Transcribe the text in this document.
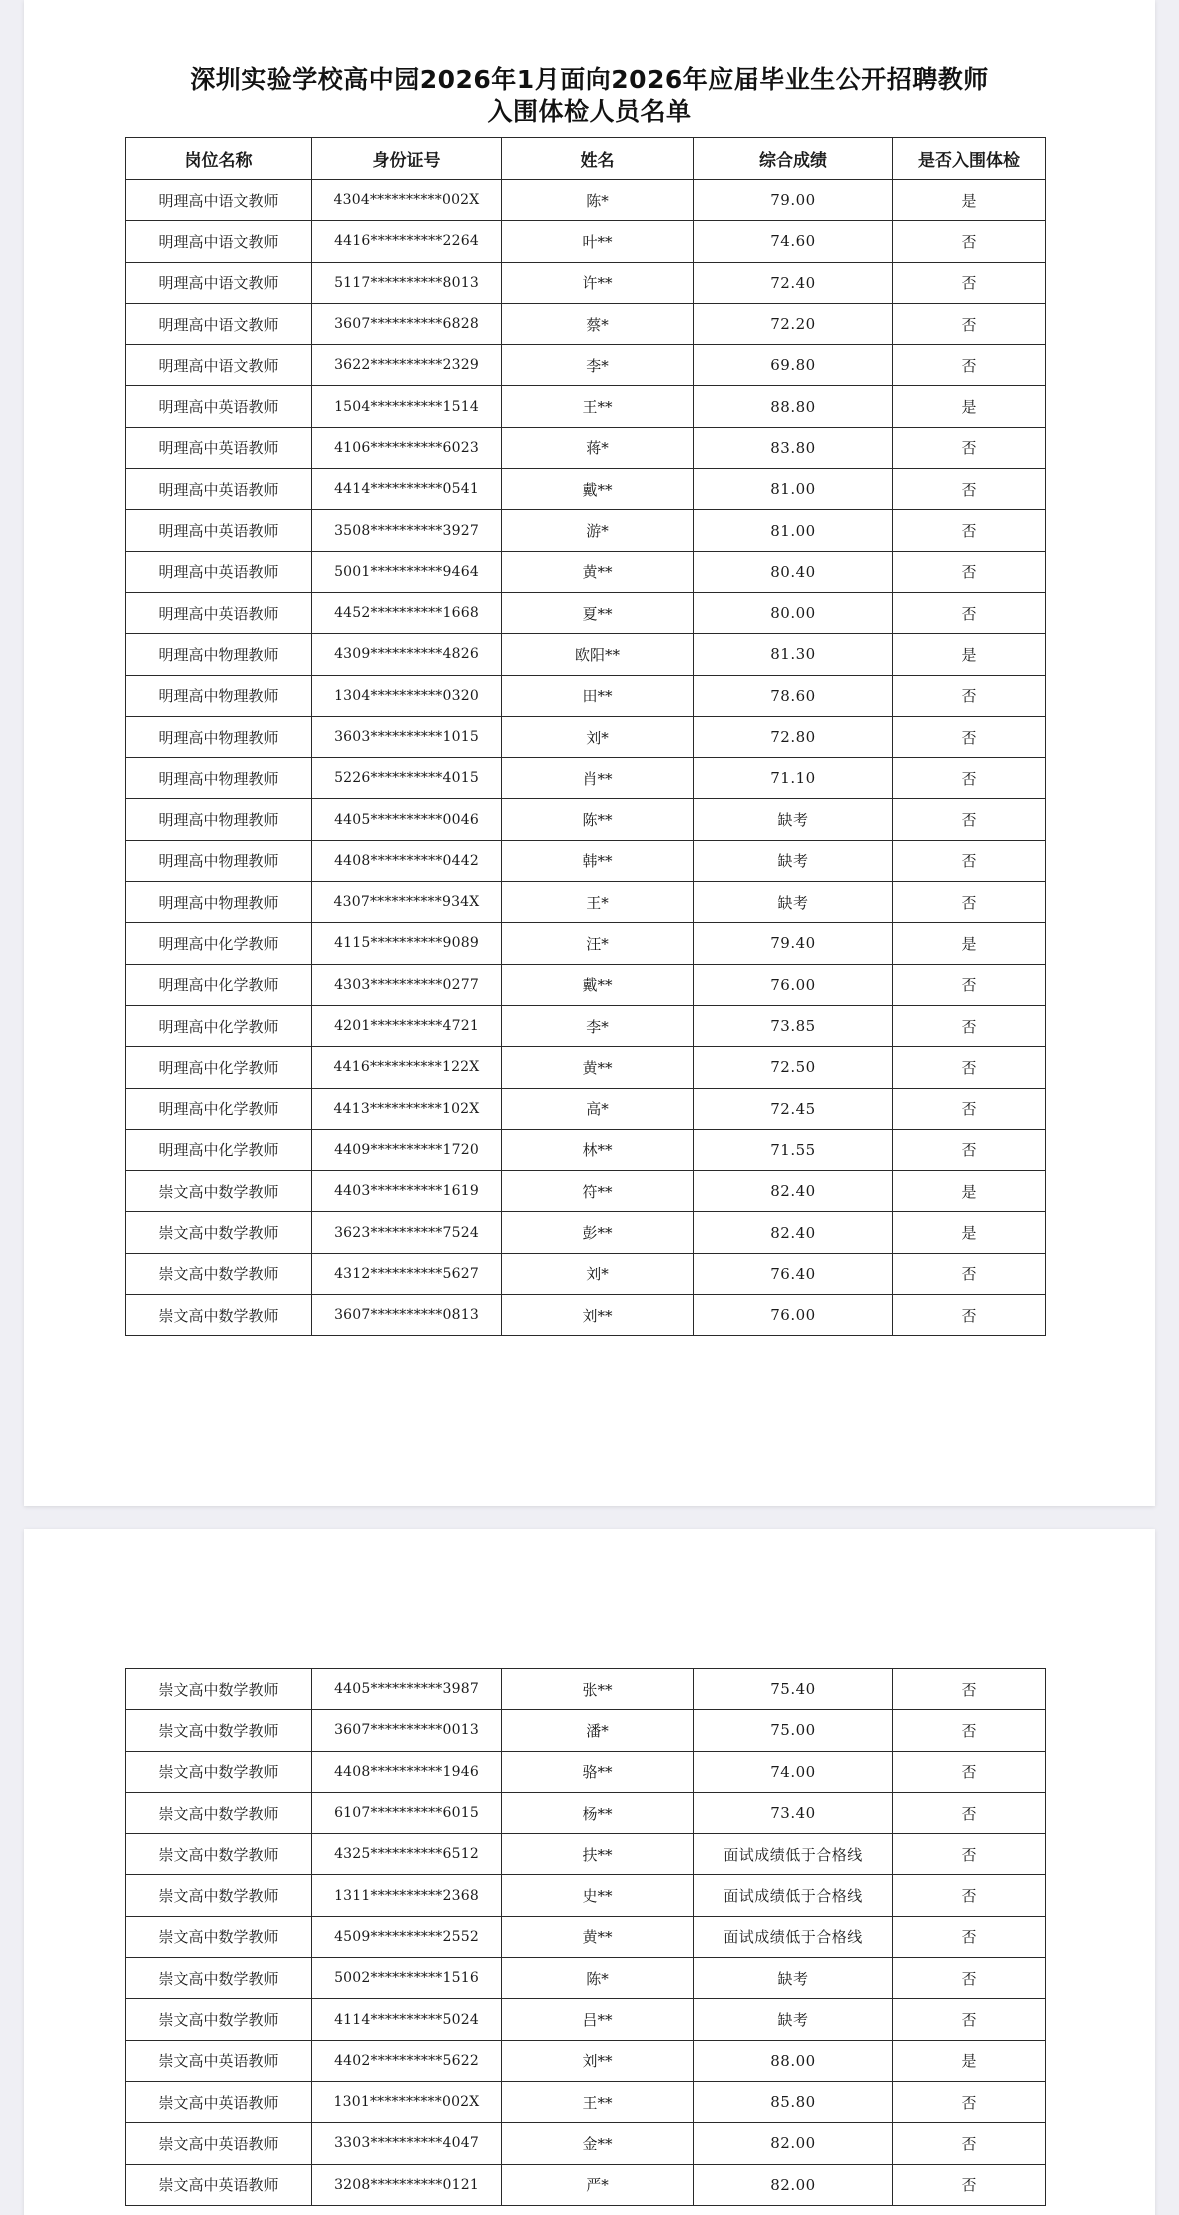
深圳实验学校高中园2026年1月面向2026年应届毕业生公开招聘教师
入围体检人员名单
岗位名称	身份证号	姓名	综合成绩	是否入围体检
明理高中语文教师	4304**********002X	陈*	79.00	是
明理高中语文教师	4416**********2264	叶**	74.60	否
明理高中语文教师	5117**********8013	许**	72.40	否
明理高中语文教师	3607**********6828	蔡*	72.20	否
明理高中语文教师	3622**********2329	李*	69.80	否
明理高中英语教师	1504**********1514	王**	88.80	是
明理高中英语教师	4106**********6023	蒋*	83.80	否
明理高中英语教师	4414**********0541	戴**	81.00	否
明理高中英语教师	3508**********3927	游*	81.00	否
明理高中英语教师	5001**********9464	黄**	80.40	否
明理高中英语教师	4452**********1668	夏**	80.00	否
明理高中物理教师	4309**********4826	欧阳**	81.30	是
明理高中物理教师	1304**********0320	田**	78.60	否
明理高中物理教师	3603**********1015	刘*	72.80	否
明理高中物理教师	5226**********4015	肖**	71.10	否
明理高中物理教师	4405**********0046	陈**	缺考	否
明理高中物理教师	4408**********0442	韩**	缺考	否
明理高中物理教师	4307**********934X	王*	缺考	否
明理高中化学教师	4115**********9089	汪*	79.40	是
明理高中化学教师	4303**********0277	戴**	76.00	否
明理高中化学教师	4201**********4721	李*	73.85	否
明理高中化学教师	4416**********122X	黄**	72.50	否
明理高中化学教师	4413**********102X	高*	72.45	否
明理高中化学教师	4409**********1720	林**	71.55	否
崇文高中数学教师	4403**********1619	符**	82.40	是
崇文高中数学教师	3623**********7524	彭**	82.40	是
崇文高中数学教师	4312**********5627	刘*	76.40	否
崇文高中数学教师	3607**********0813	刘**	76.00	否
崇文高中数学教师	4405**********3987	张**	75.40	否
崇文高中数学教师	3607**********0013	潘*	75.00	否
崇文高中数学教师	4408**********1946	骆**	74.00	否
崇文高中数学教师	6107**********6015	杨**	73.40	否
崇文高中数学教师	4325**********6512	扶**	面试成绩低于合格线	否
崇文高中数学教师	1311**********2368	史**	面试成绩低于合格线	否
崇文高中数学教师	4509**********2552	黄**	面试成绩低于合格线	否
崇文高中数学教师	5002**********1516	陈*	缺考	否
崇文高中数学教师	4114**********5024	吕**	缺考	否
崇文高中英语教师	4402**********5622	刘**	88.00	是
崇文高中英语教师	1301**********002X	王**	85.80	否
崇文高中英语教师	3303**********4047	金**	82.00	否
崇文高中英语教师	3208**********0121	严*	82.00	否
